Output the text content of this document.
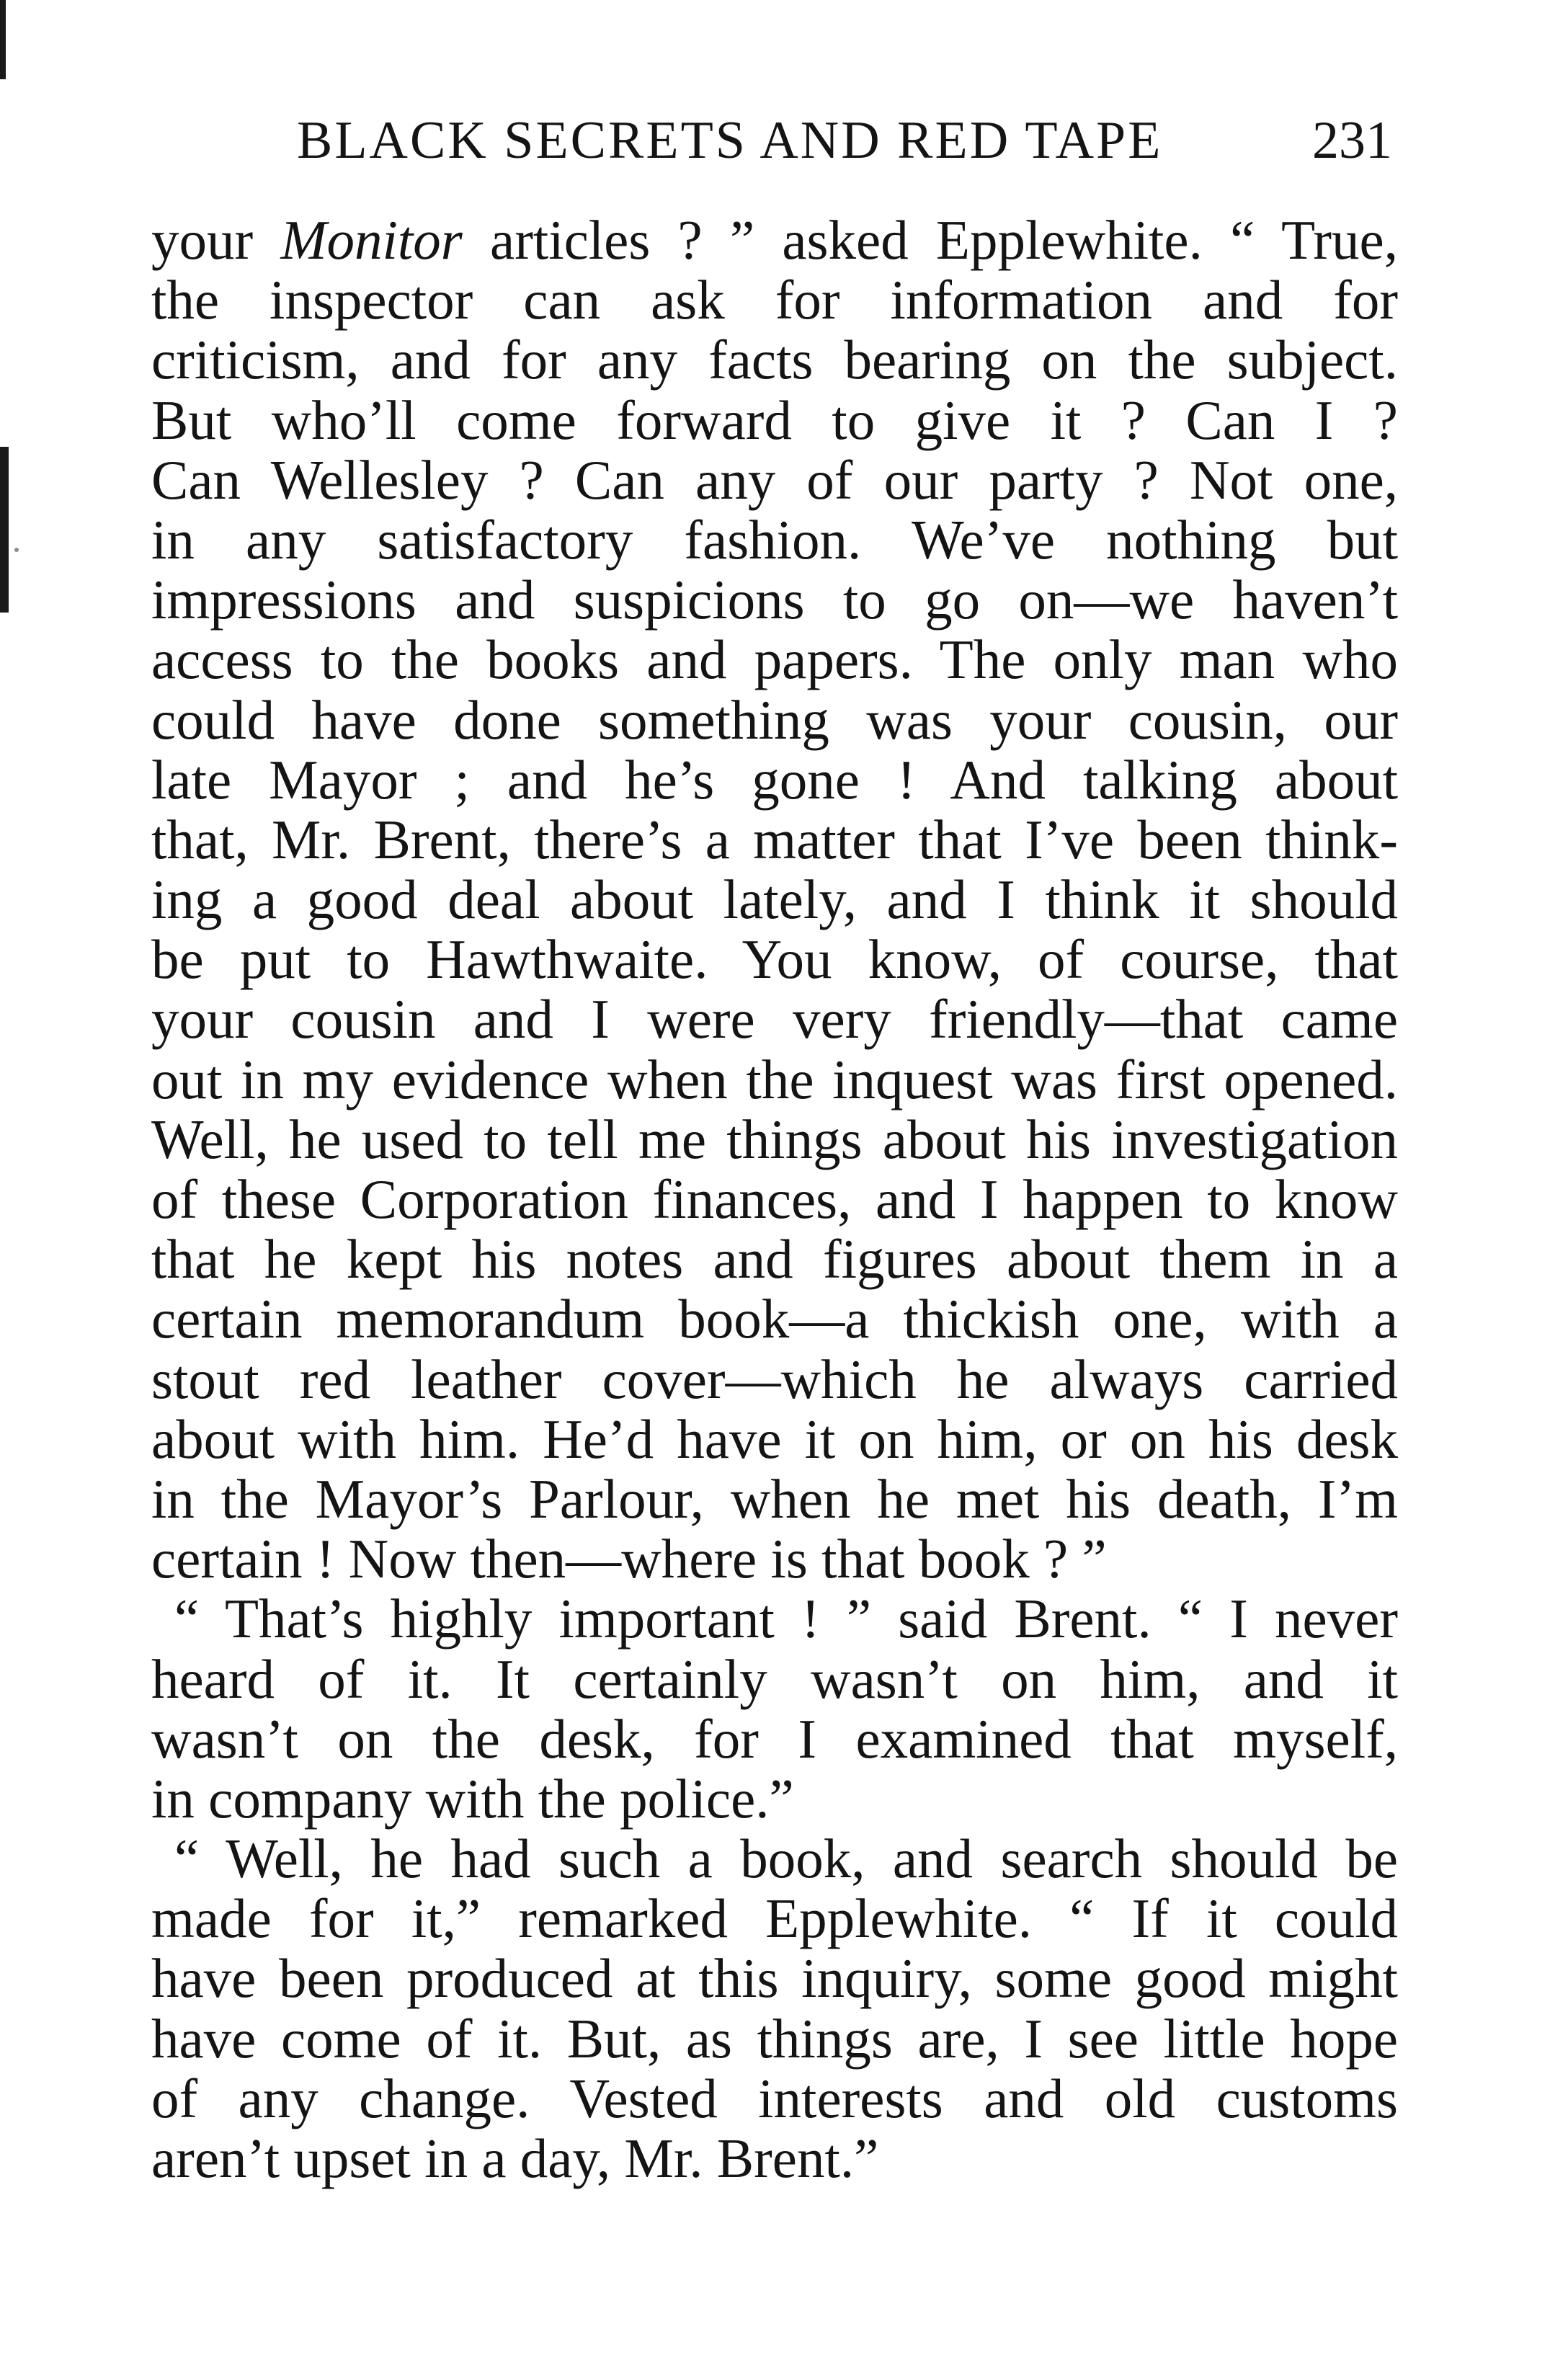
BLACK SECRETS AND RED TAPE	231
your Monitor articles ? ” asked Epplewhite. “ True,
the inspector can ask for information and for
criticism, and for any facts bearing on the subject.
But who’ll come forward to give it ? Can I ?
Can Wellesley ? Can any of our party ? Not one,
in any satisfactory fashion. We’ve nothing but
impressions and suspicions to go on—we haven’t
access to the books and papers. The only man who
could have done something was your cousin, our
late Mayor ; and he’s gone ! And talking about
that, Mr. Brent, there’s a matter that I’ve been think-
ing a good deal about lately, and I think it should
be put to Hawthwaite. You know, of course, that
your cousin and I were very friendly—that came
out in my evidence when the inquest was first opened.
Well, he used to tell me things about his investigation
of these Corporation finances, and I happen to know
that he kept his notes and figures about them in a
certain memorandum book—a thickish one, with a
stout red leather cover—which he always carried
about with him. He’d have it on him, or on his desk
in the Mayor’s Parlour, when he met his death, I’m
certain ! Now then—where is that book ? ”
“ That’s highly important ! ” said Brent. “ I never
heard of it. It certainly wasn’t on him, and it
wasn’t on the desk, for I examined that myself,
in company with the police.”
“ Well, he had such a book, and search should be
made for it,” remarked Epplewhite. “ If it could
have been produced at this inquiry, some good might
have come of it. But, as things are, I see little hope
of any change. Vested interests and old customs
aren’t upset in a day, Mr. Brent.”
